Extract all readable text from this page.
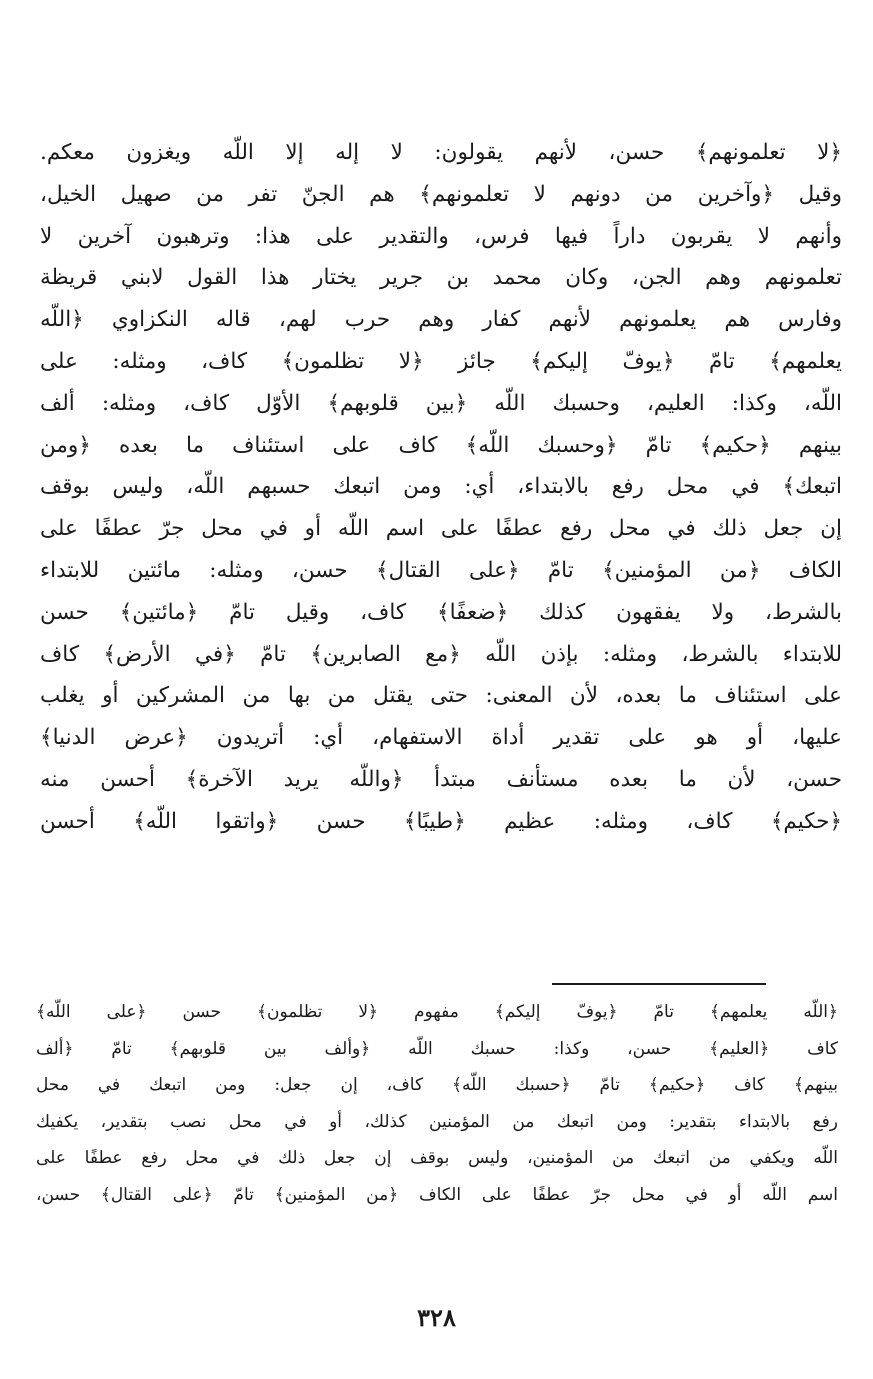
﴿لا تعلمونهم﴾ حسن، لأنهم يقولون: لا إله إلا اللّه ويغزون معكم.
وقيل ﴿وآخرين من دونهم لا تعلمونهم﴾ هم الجنّ تفر من صهيل الخيل،
وأنهم لا يقربون داراً فيها فرس، والتقدير على هذا: وترهبون آخرين لا
تعلمونهم وهم الجن، وكان محمد بن جرير يختار هذا القول لابني قريظة
وفارس هم يعلمونهم لأنهم كفار وهم حرب لهم، قاله النكزاوي ﴿اللّه
يعلمهم﴾ تامّ ﴿يوفّ إليكم﴾ جائز ﴿لا تظلمون﴾ كاف، ومثله: على
اللّه، وكذا: العليم، وحسبك اللّه ﴿بين قلوبهم﴾ الأوّل كاف، ومثله: ألف
بينهم ﴿حكيم﴾ تامّ ﴿وحسبك اللّه﴾ كاف على استئناف ما بعده ﴿ومن
اتبعك﴾ في محل رفع بالابتداء، أي: ومن اتبعك حسبهم اللّه، وليس بوقف
إن جعل ذلك في محل رفع عطفًا على اسم اللّه أو في محل جرّ عطفًا على
الكاف ﴿من المؤمنين﴾ تامّ ﴿على القتال﴾ حسن، ومثله: مائتين للابتداء
بالشرط، ولا يفقهون كذلك ﴿ضعفًا﴾ كاف، وقيل تامّ ﴿مائتين﴾ حسن
للابتداء بالشرط، ومثله: بإذن اللّه ﴿مع الصابرين﴾ تامّ ﴿في الأرض﴾ كاف
على استئناف ما بعده، لأن المعنى: حتى يقتل من بها من المشركين أو يغلب
عليها، أو هو على تقدير أداة الاستفهام، أي: أتريدون ﴿عرض الدنيا﴾
حسن، لأن ما بعده مستأنف مبتدأ ﴿واللّه يريد الآخرة﴾ أحسن منه
﴿حكيم﴾ كاف، ومثله: عظيم ﴿طيبًا﴾ حسن ﴿واتقوا اللّه﴾ أحسن
﴿اللّه يعلمهم﴾ تامّ ﴿يوفّ إليكم﴾ مفهوم ﴿لا تظلمون﴾ حسن ﴿على اللّه﴾
كاف ﴿العليم﴾ حسن، وكذا: حسبك اللّه ﴿وألف بين قلوبهم﴾ تامّ ﴿ألف
بينهم﴾ كاف ﴿حكيم﴾ تامّ ﴿حسبك اللّه﴾ كاف، إن جعل: ومن اتبعك في محل
رفع بالابتداء بتقدير: ومن اتبعك من المؤمنين كذلك، أو في محل نصب بتقدير، يكفيك
اللّه ويكفي من اتبعك من المؤمنين، وليس بوقف إن جعل ذلك في محل رفع عطفًا على
اسم اللّه أو في محل جرّ عطفًا على الكاف ﴿من المؤمنين﴾ تامّ ﴿على القتال﴾ حسن،
٣٢٨
